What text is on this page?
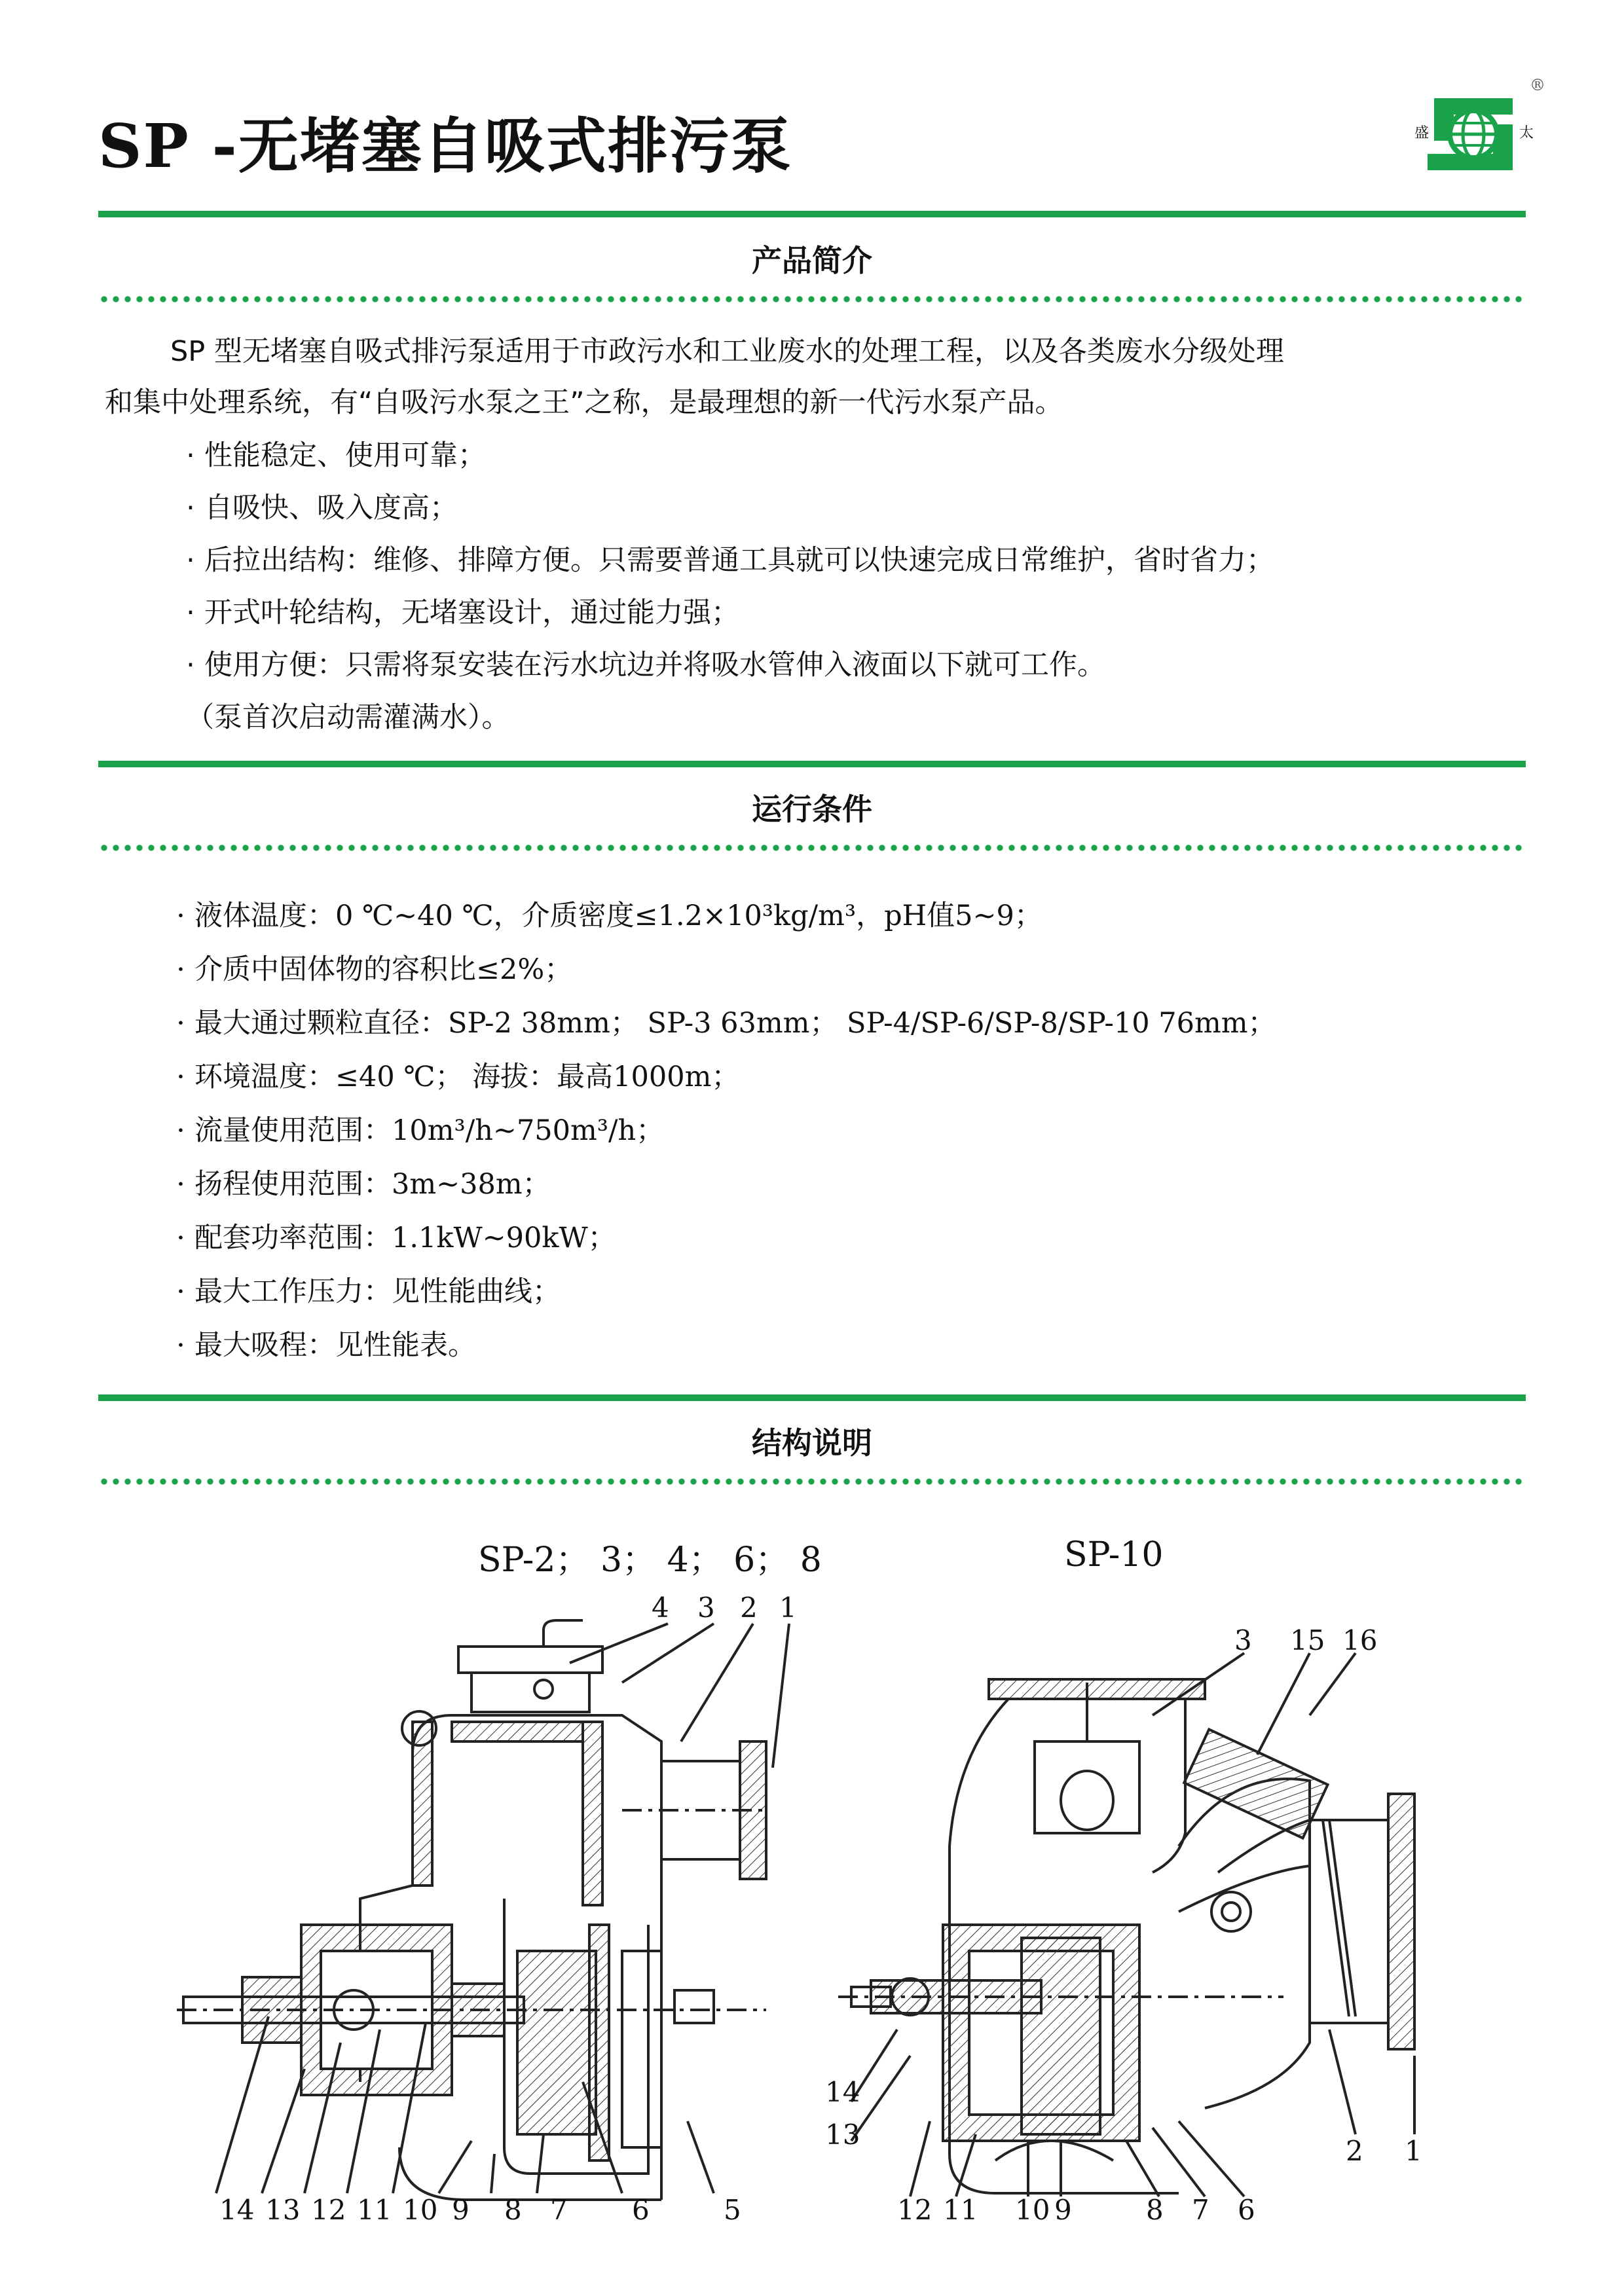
SP -无堵塞自吸式排污泵	盛	太
®
产品简介
SP 型无堵塞自吸式排污泵适用于市政污水和工业废水的处理工程，以及各类废水分级处理
和集中处理系统，有“自吸污水泵之王”之称，是最理想的新一代污水泵产品。
· 性能稳定、使用可靠；
· 自吸快、吸入度高；
· 后拉出结构：维修、排障方便。只需要普通工具就可以快速完成日常维护，省时省力；
· 开式叶轮结构，无堵塞设计，通过能力强；
· 使用方便：只需将泵安装在污水坑边并将吸水管伸入液面以下就可工作。
（泵首次启动需灌满水）。
运行条件
· 液体温度：0 ℃~40 ℃，介质密度≤1.2×10³kg/m³，pH值5~9；
· 介质中固体物的容积比≤2%；
· 最大通过颗粒直径：SP-2 38mm； SP-3 63mm； SP-4/SP-6/SP-8/SP-10 76mm；
· 环境温度：≤40 ℃； 海拔：最高1000m；
· 流量使用范围：10m³/h~750m³/h；
· 扬程使用范围：3m~38m；
· 配套功率范围：1.1kW~90kW；
· 最大工作压力：见性能曲线；
· 最大吸程：见性能表。
结构说明
SP-2； 3； 4； 6； 8	SP-10
4 3 2 1
14 13 12 11 10 9 8 7 6	5
3 15 16
14
13
12 11 10 9	8 7 6
2 1
